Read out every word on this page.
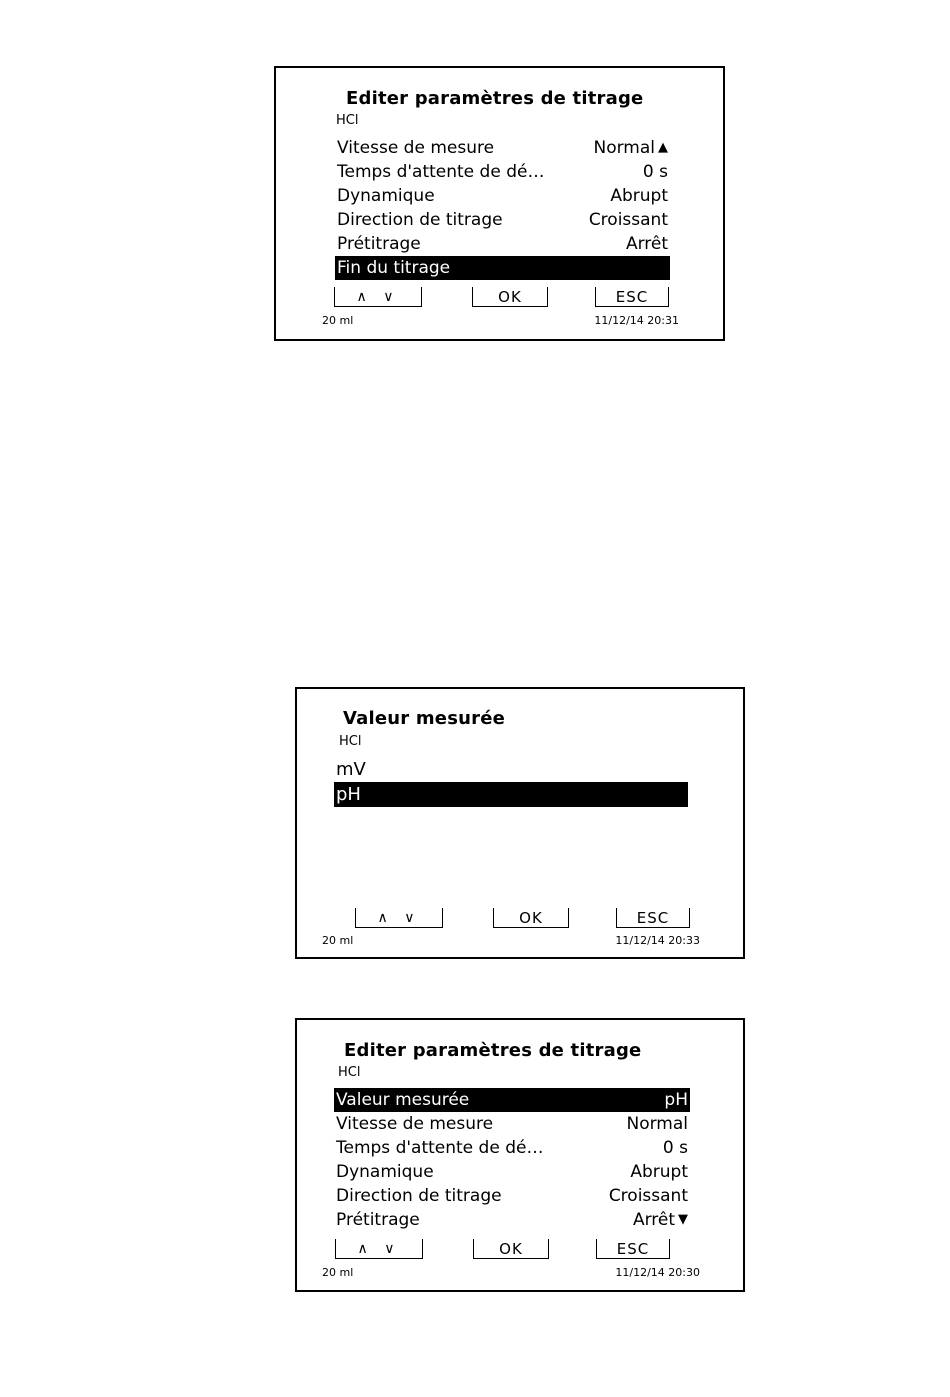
Editer paramètres de titrage
HCl
Vitesse de mesure	Normal ▲
Temps d'attente de dé…	0 s
Dynamique	Abrupt
Direction de titrage	Croissant
Prétitrage	Arrêt
Fin du titrage
∧ ∨	OK	ESC
20 ml	11/12/14 20:31
Valeur mesurée
HCl
mV
pH
∧ ∨	OK	ESC
20 ml	11/12/14 20:33
Editer paramètres de titrage
HCl
Valeur mesurée	pH
Vitesse de mesure	Normal
Temps d'attente de dé…	0 s
Dynamique	Abrupt
Direction de titrage	Croissant
Prétitrage	Arrêt ▼
∧ ∨	OK	ESC
20 ml	11/12/14 20:30
